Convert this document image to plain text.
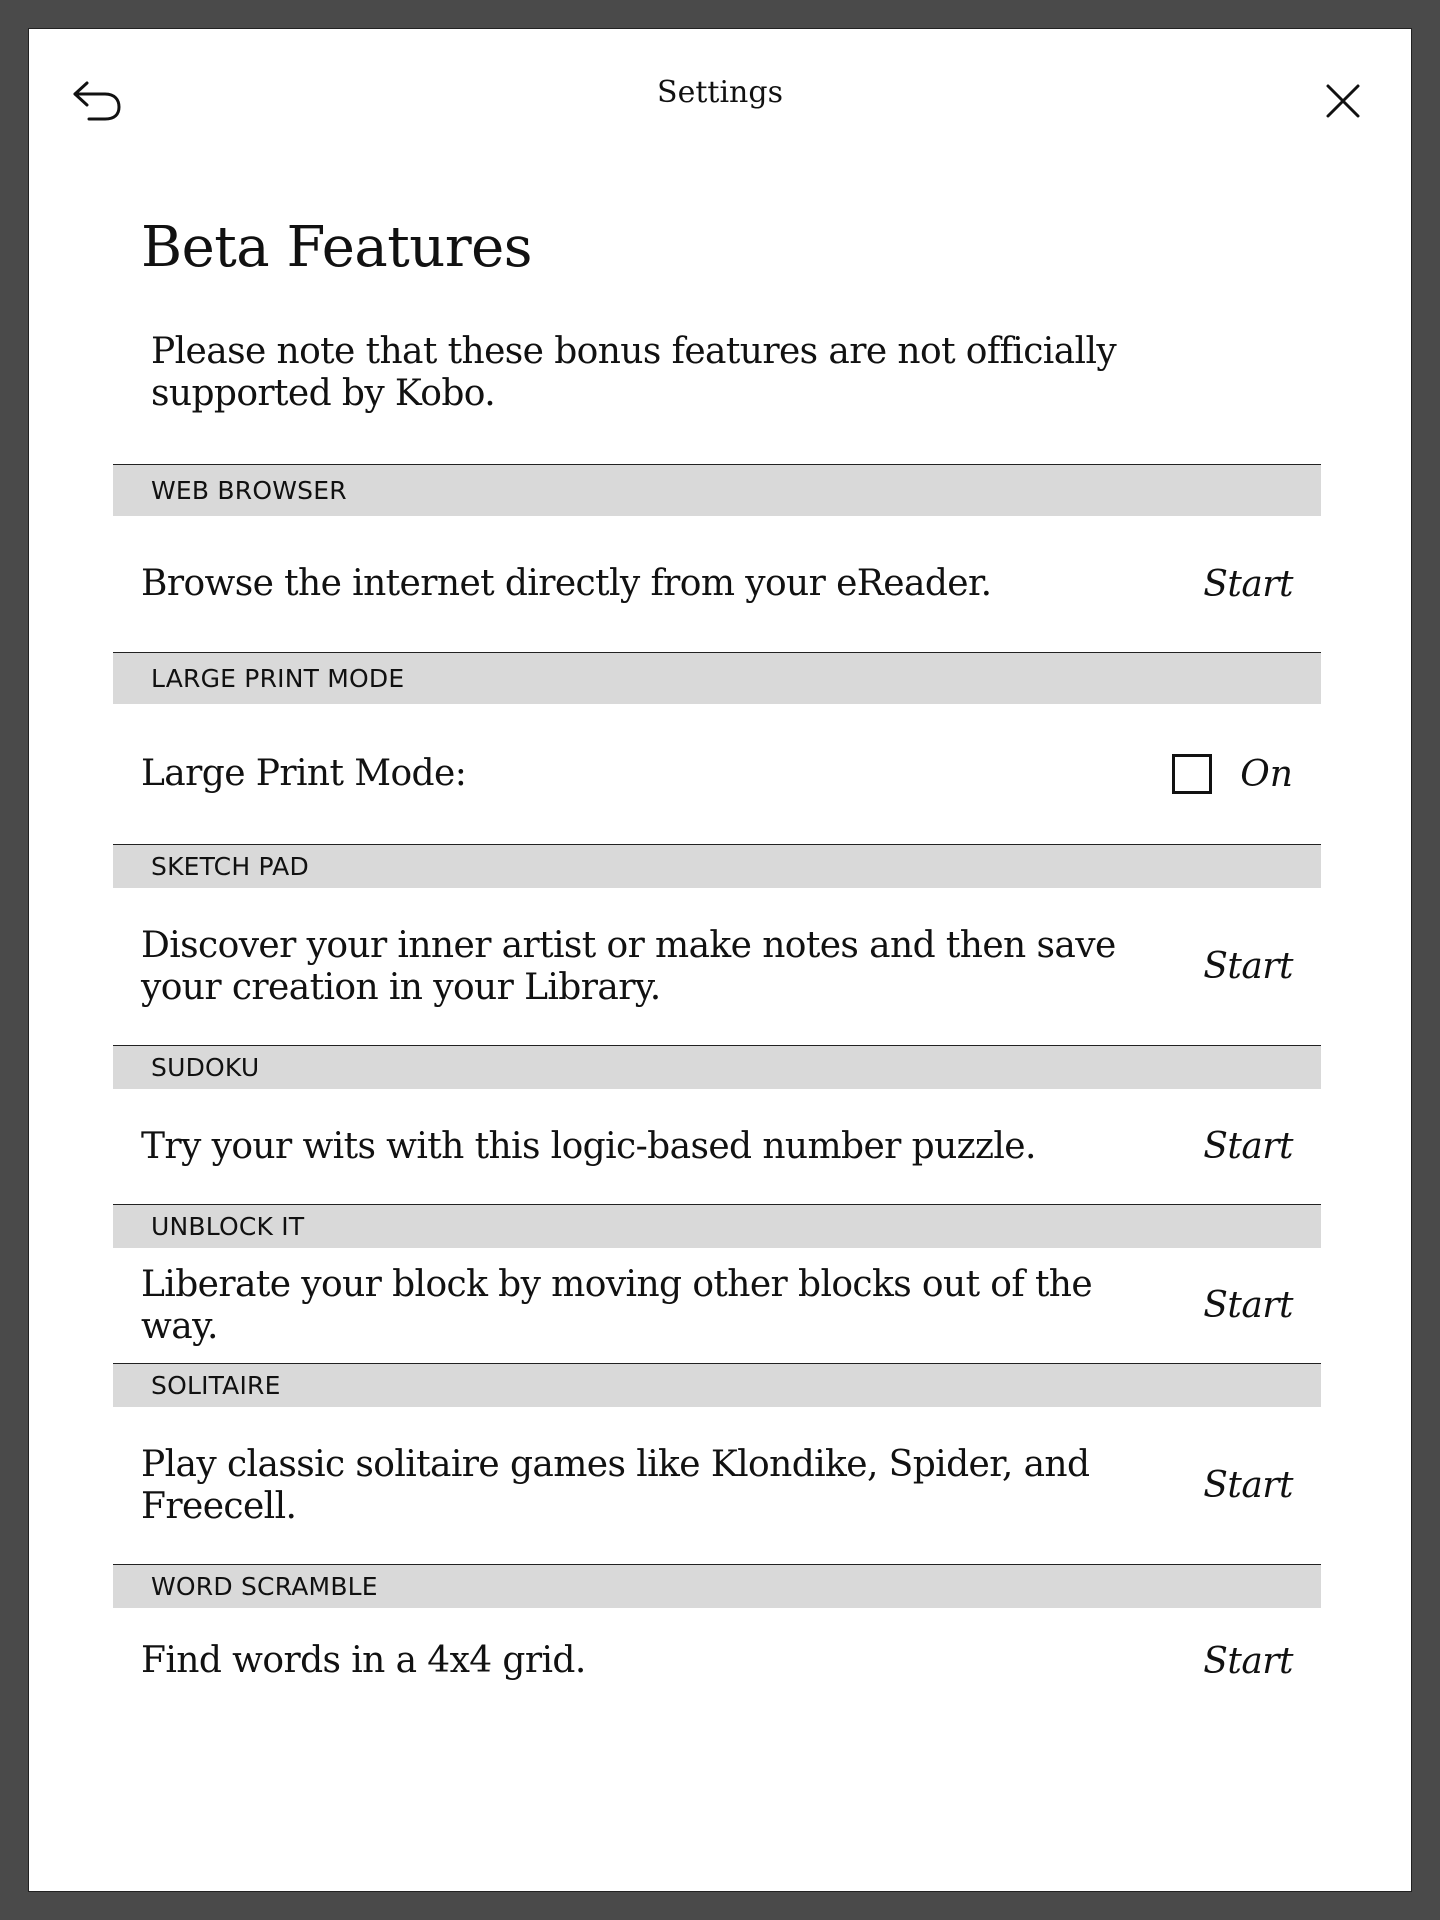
Settings
Beta Features

Please note that these bonus features are not officially supported by Kobo.

WEB BROWSER
Browse the internet directly from your eReader.	Start
LARGE PRINT MODE
Large Print Mode:	On
SKETCH PAD
Discover your inner artist or make notes and then save your creation in your Library.	Start
SUDOKU
Try your wits with this logic-based number puzzle.	Start
UNBLOCK IT
Liberate your block by moving other blocks out of the way.	Start
SOLITAIRE
Play classic solitaire games like Klondike, Spider, and Freecell.	Start
WORD SCRAMBLE
Find words in a 4x4 grid.	Start
